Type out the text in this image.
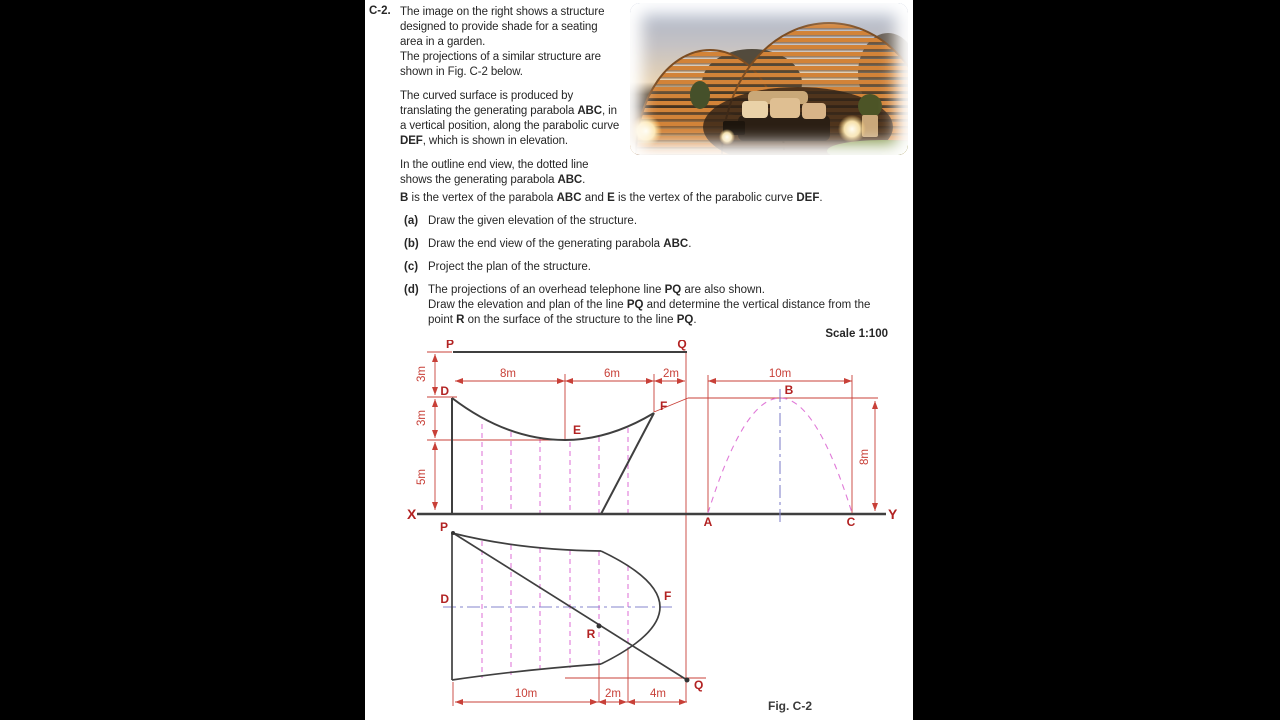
C-2. The image on the right shows a structure designed to provide shade for a seating area in a garden.

The projections of a similar structure are shown in Fig. C-2 below.

The curved surface is produced by translating the generating parabola ABC, in a vertical position, along the parabolic curve DEF, which is shown in elevation.

In the outline end view, the dotted line shows the generating parabola ABC.

B is the vertex of the parabola ABC and E is the vertex of the parabolic curve DEF.
(a) Draw the given elevation of the structure.
(b) Draw the end view of the generating parabola ABC.
(c) Project the plan of the structure.
(d) The projections of an overhead telephone line PQ are also shown.
Draw the elevation and plan of the line PQ and determine the vertical distance from the point R on the surface of the structure to the line PQ.
Scale 1:100
P	Q
D
E
F
X	Y
8m	6m	2m
3m
3m
5m
A
B
C
10m
8m
P
D	F
R
Q
10m	2m	4m
Fig. C-2
